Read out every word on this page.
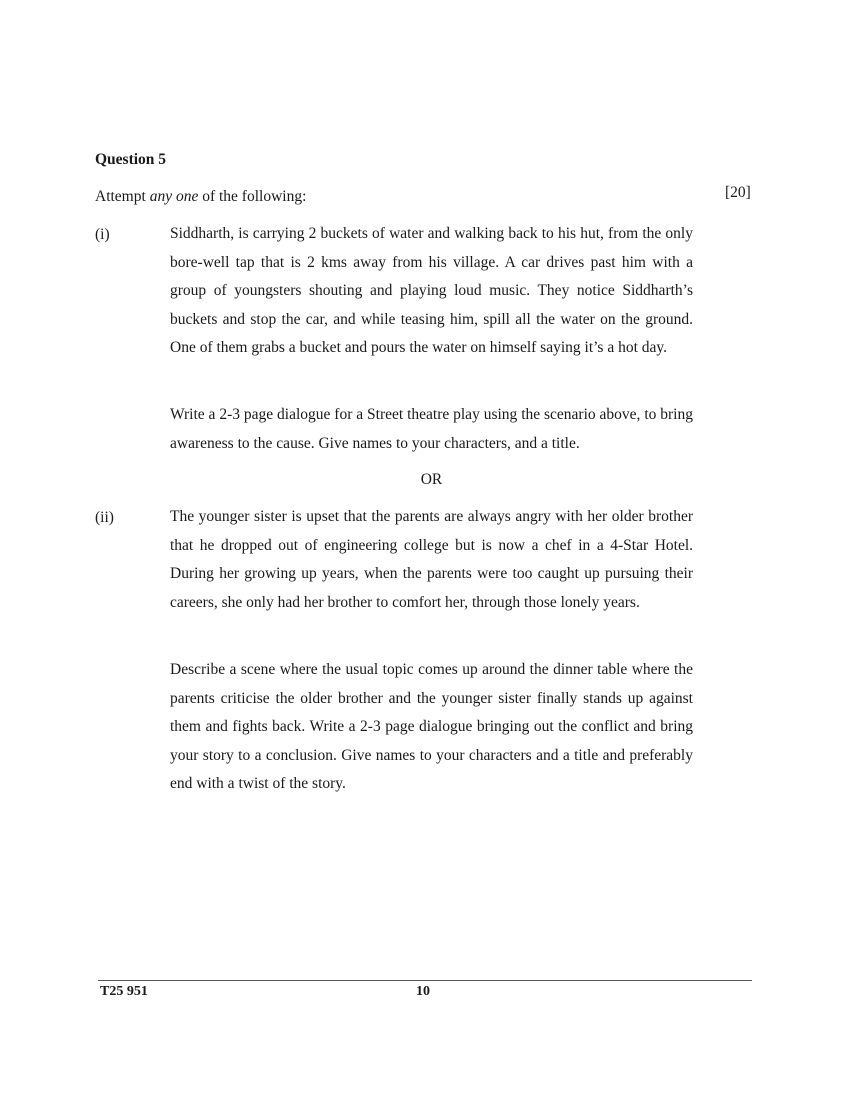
Question 5
Attempt any one of the following:	[20]
(i)	Siddharth, is carrying 2 buckets of water and walking back to his hut, from the only bore-well tap that is 2 kms away from his village. A car drives past him with a group of youngsters shouting and playing loud music. They notice Siddharth’s buckets and stop the car, and while teasing him, spill all the water on the ground. One of them grabs a bucket and pours the water on himself saying it’s a hot day.

Write a 2-3 page dialogue for a Street theatre play using the scenario above, to bring awareness to the cause. Give names to your characters, and a title.

OR
(ii)	The younger sister is upset that the parents are always angry with her older brother that he dropped out of engineering college but is now a chef in a 4-Star Hotel. During her growing up years, when the parents were too caught up pursuing their careers, she only had her brother to comfort her, through those lonely years.

Describe a scene where the usual topic comes up around the dinner table where the parents criticise the older brother and the younger sister finally stands up against them and fights back. Write a 2-3 page dialogue bringing out the conflict and bring your story to a conclusion. Give names to your characters and a title and preferably end with a twist of the story.

T25 951	10
